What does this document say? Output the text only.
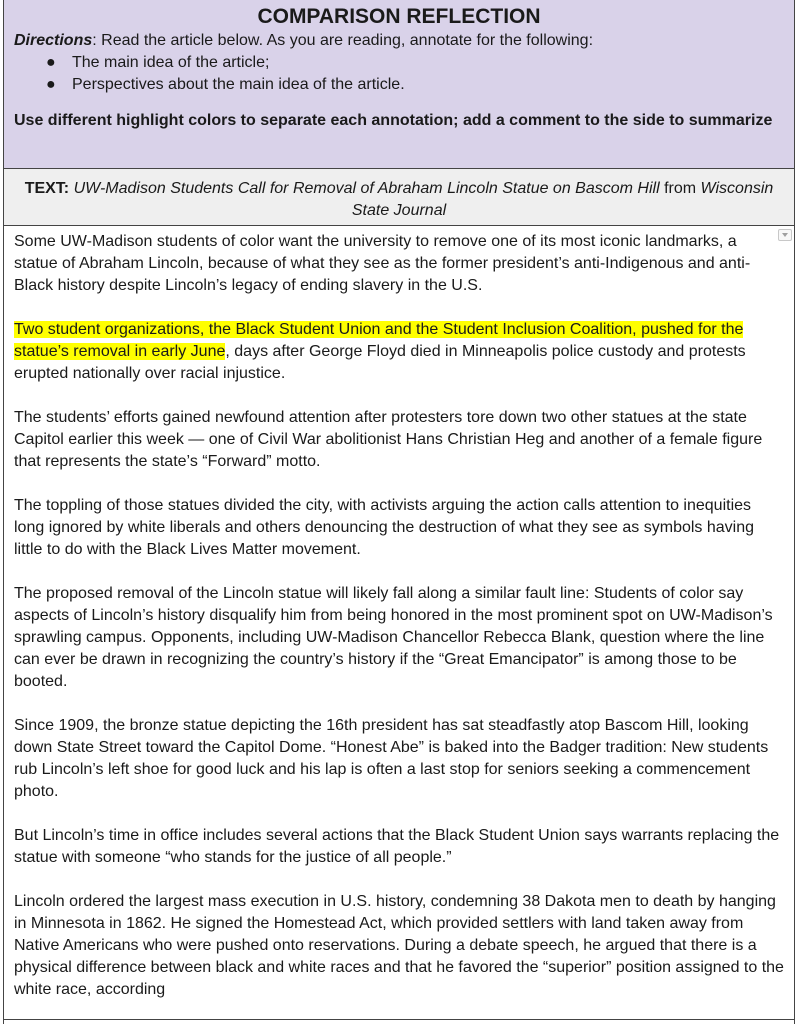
COMPARISON REFLECTION

Directions: Read the article below. As you are reading, annotate for the following:

● The main idea of the article;
● Perspectives about the main idea of the article.

Use different highlight colors to separate each annotation; add a comment to the side to summarize

TEXT: UW-Madison Students Call for Removal of Abraham Lincoln Statue on Bascom Hill from Wisconsin State Journal

Some UW-Madison students of color want the university to remove one of its most iconic landmarks, a statue of Abraham Lincoln, because of what they see as the former president’s anti-Indigenous and anti-Black history despite Lincoln’s legacy of ending slavery in the U.S.

Two student organizations, the Black Student Union and the Student Inclusion Coalition, pushed for the statue’s removal in early June, days after George Floyd died in Minneapolis police custody and protests erupted nationally over racial injustice.

The students’ efforts gained newfound attention after protesters tore down two other statues at the state Capitol earlier this week — one of Civil War abolitionist Hans Christian Heg and another of a female figure that represents the state’s “Forward” motto.

The toppling of those statues divided the city, with activists arguing the action calls attention to inequities long ignored by white liberals and others denouncing the destruction of what they see as symbols having little to do with the Black Lives Matter movement.

The proposed removal of the Lincoln statue will likely fall along a similar fault line: Students of color say aspects of Lincoln’s history disqualify him from being honored in the most prominent spot on UW-Madison’s sprawling campus. Opponents, including UW-Madison Chancellor Rebecca Blank, question where the line can ever be drawn in recognizing the country’s history if the “Great Emancipator” is among those to be booted.

Since 1909, the bronze statue depicting the 16th president has sat steadfastly atop Bascom Hill, looking down State Street toward the Capitol Dome. “Honest Abe” is baked into the Badger tradition: New students rub Lincoln’s left shoe for good luck and his lap is often a last stop for seniors seeking a commencement photo.

But Lincoln’s time in office includes several actions that the Black Student Union says warrants replacing the statue with someone “who stands for the justice of all people.”

Lincoln ordered the largest mass execution in U.S. history, condemning 38 Dakota men to death by hanging in Minnesota in 1862. He signed the Homestead Act, which provided settlers with land taken away from Native Americans who were pushed onto reservations. During a debate speech, he argued that there is a physical difference between black and white races and that he favored the “superior” position assigned to the white race, according
